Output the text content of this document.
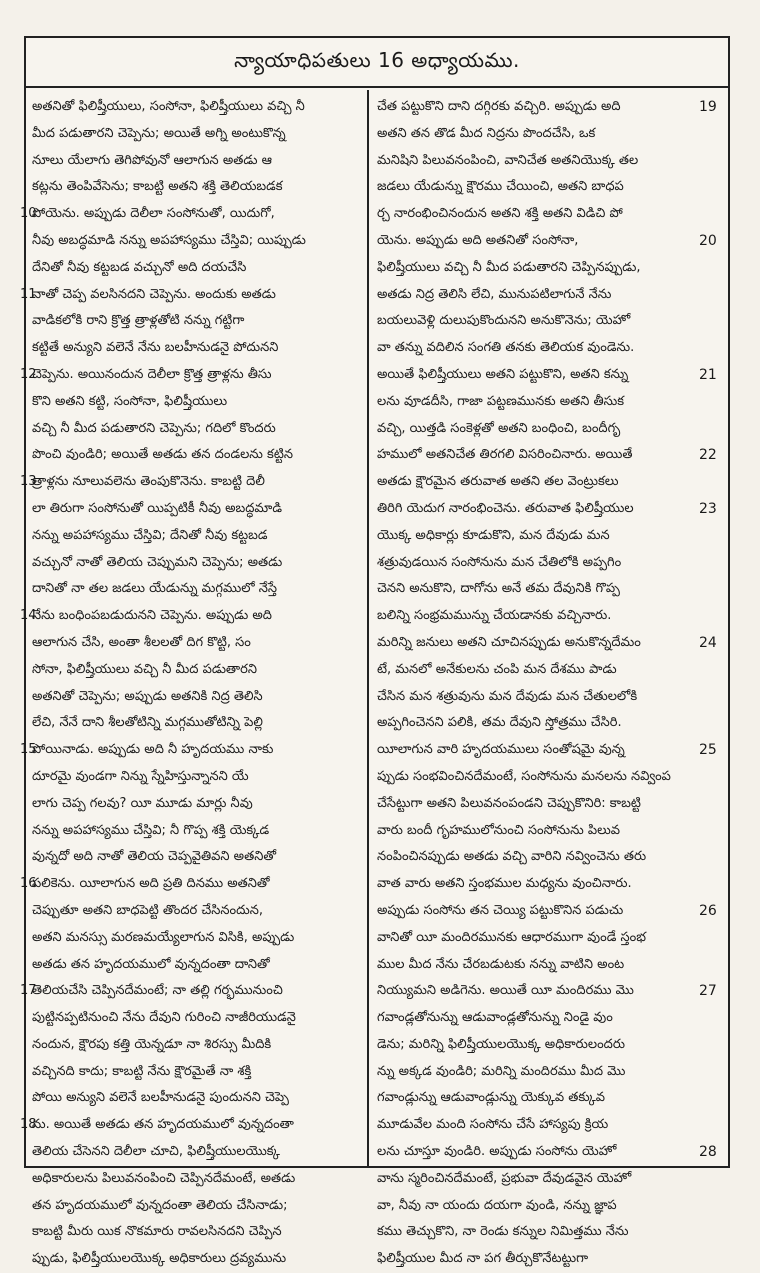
న్యాయాధిపతులు 16 అధ్యాయము.
అతనితో ఫిలిష్తీయులు, సంసోనా, ఫిలిష్తీయులు వచ్చి నీ
మీద పడుతారని చెప్పెను; అయితే అగ్ని అంటుకొన్న
నూలు యేలాగు తెగిపోవునో ఆలాగున అతడు ఆ
కట్లను తెంపివేసెను; కాబట్టి అతని శక్తి తెలియబడక
పోయెను. అప్పుడు దెలీలా సంసోనుతో, యిదుగో,
నీవు అబద్ధమాడి నన్ను అపహాస్యము చేస్తివి; యిప్పుడు
దేనితో నీవు కట్టబడ వచ్చునో అది దయచేసి
నాతో చెప్ప వలసినదని చెప్పెను. అందుకు అతడు
వాడికలోకి రాని క్రొత్త త్రాళ్లతోటి నన్ను గట్టిగా
కట్టితే అన్యుని వలెనే నేను బలహీనుడనై పోదునని
చెప్పెను. అయినందున దెలీలా క్రొత్త త్రాళ్లను తీసు
కొని అతని కట్టి, సంసోనా, ఫిలిష్తీయులు
వచ్చి నీ మీద పడుతారని చెప్పెను; గదిలో కొందరు
పొంచి వుండిరి; అయితే అతడు తన దండలను కట్టిన
త్రాళ్లను నూలువలెను తెంపుకొనెను. కాబట్టి దెలీ
లా తిరుగా సంసోనుతో యిప్పటికీ నీవు అబద్ధమాడి
నన్ను అపహాస్యము చేస్తివి; దేనితో నీవు కట్టబడ
వచ్చునో నాతో తెలియ చెప్పుమని చెప్పెను; అతడు
దానితో నా తల జడలు యేడున్ను మగ్గములో నేస్తే
నేను బంధింపబడుదునని చెప్పెను. అప్పుడు అది
ఆలాగున చేసి, అంతా శీలలతో దిగ కొట్టి, సం
సోనా, ఫిలిష్తీయులు వచ్చి నీ మీద పడుతారని
అతనితో చెప్పెను; అప్పుడు అతనికి నిద్ర తెలిసి
లేచి, నేనే దాని శీలతోటిన్ని మగ్గముతోటిన్ని పెల్లి
పోయినాడు. అప్పుడు అది నీ హృదయము నాకు
దూరమై వుండగా నిన్ను స్నేహిస్తున్నానని యే
లాగు చెప్ప గలవు? యీ మూడు మార్లు నీవు
నన్ను అపహాస్యము చేస్తివి; నీ గొప్ప శక్తి యెక్కడ
వున్నదో అది నాతో తెలియ చెప్పవైతివని అతనితో
పలికెను. యీలాగున అది ప్రతి దినము అతనితో
చెప్పుతూ అతని బాధపెట్టి తొందర చేసినందున,
అతని మనస్సు మరణమయ్యేలాగున విసికి, అప్పుడు
అతడు తన హృదయములో వున్నదంతా దానితో
తెలియచేసి చెప్పినదేమంటే; నా తల్లి గర్భమునుంచి
పుట్టినప్పటినుంచి నేను దేవుని గురించి నాజీరియుడనై
నందున, క్షౌరపు కత్తి యెన్నడూ నా శిరస్సు మీదికి
వచ్చినది కాదు; కాబట్టి నేను క్షౌరమైతే నా శక్తి
పోయి అన్యుని వలెనే బలహీనుడనై పుందునని చెప్పె
ను. అయితే అతడు తన హృదయములో వున్నదంతా
తెలియ చేసెనని దెలీలా చూచి, ఫిలిష్తీయులయొక్క
అధికారులను పిలువనంపించి చెప్పినదేమంటే, అతడు
తన హృదయములో వున్నదంతా తెలియ చేసినాడు;
కాబట్టి మీరు యిక నొకమారు రావలసినదని చెప్పిన
ప్పుడు, ఫిలిష్తీయులయొక్క అధికారులు ద్రవ్యమును
చేత పట్టుకొని దాని దగ్గిరకు వచ్చిరి. అప్పుడు అది
అతని తన తొడ మీద నిద్రను పొందచేసి, ఒక
మనిషిని పిలువనంపించి, వానిచేత అతనియొక్క తల
జడలు యేడున్ను క్షౌరము చేయించి, అతని బాధప
ర్చ నారంభించినందున అతని శక్తి అతని విడిచి పో
యెను. అప్పుడు అది అతనితో సంసోనా,
ఫిలిష్తీయులు వచ్చి నీ మీద పడుతారని చెప్పినప్పుడు,
అతడు నిద్ర తెలిసి లేచి, మునుపటిలాగునే నేను
బయలువెళ్లి దులుపుకొందునని అనుకొనెను; యెహో
వా తన్ను వదిలిన సంగతి తనకు తెలియక వుండెను.
అయితే ఫిలిష్తీయులు అతని పట్టుకొని, అతని కన్ను
లను వూడదీసి, గాజా పట్టణమునకు అతని తీసుక
వచ్చి, యిత్తడి సంకెళ్లతో అతని బంధించి, బందీగృ
హములో అతనిచేత తిరగలి విసరించినారు. అయితే
అతడు క్షౌరమైన తరువాత అతని తల వెంట్రుకలు
తిరిగి యెదుగ నారంభించెను. తరువాత ఫిలిష్తీయుల
యొక్క అధికార్లు కూడుకొని, మన దేవుడు మన
శత్రువుడయిన సంసోనును మన చేతిలోకి అప్పగిం
చెనని అనుకొని, దాగోను అనే తమ దేవునికి గొప్ప
బలిన్ని సంభ్రమమున్ను చేయడానకు వచ్చినారు.
మరిన్ని జనులు అతని చూచినప్పుడు అనుకొన్నదేమం
టే, మనలో అనేకులను చంపి మన దేశము పాడు
చేసిన మన శత్రువును మన దేవుడు మన చేతులలోకి
అప్పగించెనని పలికి, తమ దేవుని స్తోత్రము చేసిరి.
యీలాగున వారి హృదయములు సంతోషమై వున్న
ప్పుడు సంభవించినదేమంటే, సంసోనును మనలను నవ్వింప
చేసేట్టుగా అతని పిలువనంపండని చెప్పుకొనిరి: కాబట్టి
వారు బందీ గృహములోనుంచి సంసోనును పిలువ
నంపించినప్పుడు అతడు వచ్చి వారిని నవ్వించెను తరు
వాత వారు అతని స్తంభముల మధ్యను వుంచినారు.
అప్పుడు సంసోను తన చెయ్యి పట్టుకొనిన పడుచు
వానితో యీ మందిరమునకు ఆధారముగా వుండే స్తంభ
ముల మీద నేను చేరబడుటకు నన్ను వాటిని అంట
నియ్యుమని అడిగెను. అయితే యీ మందిరము మొ
గవాండ్లతోనున్ను ఆడువాండ్లతోనున్ను నిండై వుం
డెను; మరిన్ని ఫిలిష్తీయులయొక్క అధికారులందరు
న్ను అక్కడ వుండిరి; మరిన్ని మందిరము మీద మొ
గవాండ్లున్ను ఆడువాండ్లున్ను యెక్కువ తక్కువ
మూడువేల మంది సంసోను చేసే హాస్యపు క్రియ
లను చూస్తూ వుండిరి. అప్పుడు సంసోను యెహో
వాను స్మరించినదేమంటే, ప్రభువా దేవుడవైన యెహో
వా, నీవు నా యందు దయగా వుండి, నన్ను జ్ఞాప
కము తెచ్చుకొని, నా రెండు కన్నుల నిమిత్తము నేను
ఫిలిష్తీయుల మీద నా పగ తీర్చుకొనేటట్టుగా
19
20
21
22
23
24
25
26
27
28
10
11
12
13
14
15
16
17
18
